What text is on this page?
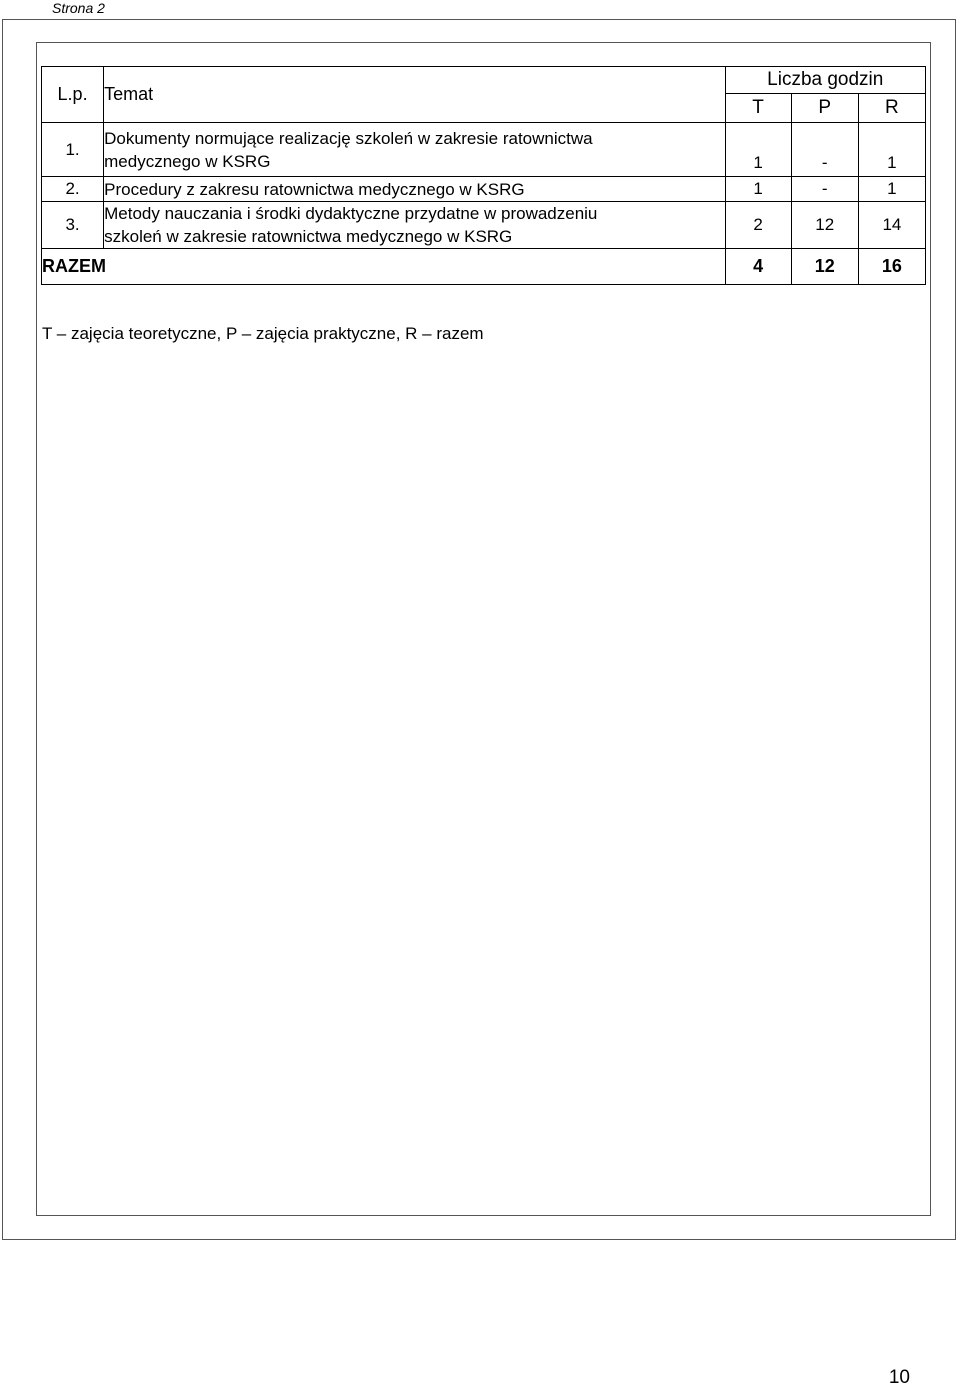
Strona 2
L.p.	Temat	Liczba godzin		
		T	P	R
1.	Dokumenty normujące realizację szkoleń w zakresie ratownictwa
medycznego w KSRG	1	-	1
2.	Procedury z zakresu ratownictwa medycznego w KSRG	1	-	1
3.	Metody nauczania i środki dydaktyczne przydatne w prowadzeniu
szkoleń w zakresie ratownictwa medycznego w KSRG	2	12	14
RAZEM		4	12	16
T – zajęcia teoretyczne, P – zajęcia praktyczne, R – razem
10
